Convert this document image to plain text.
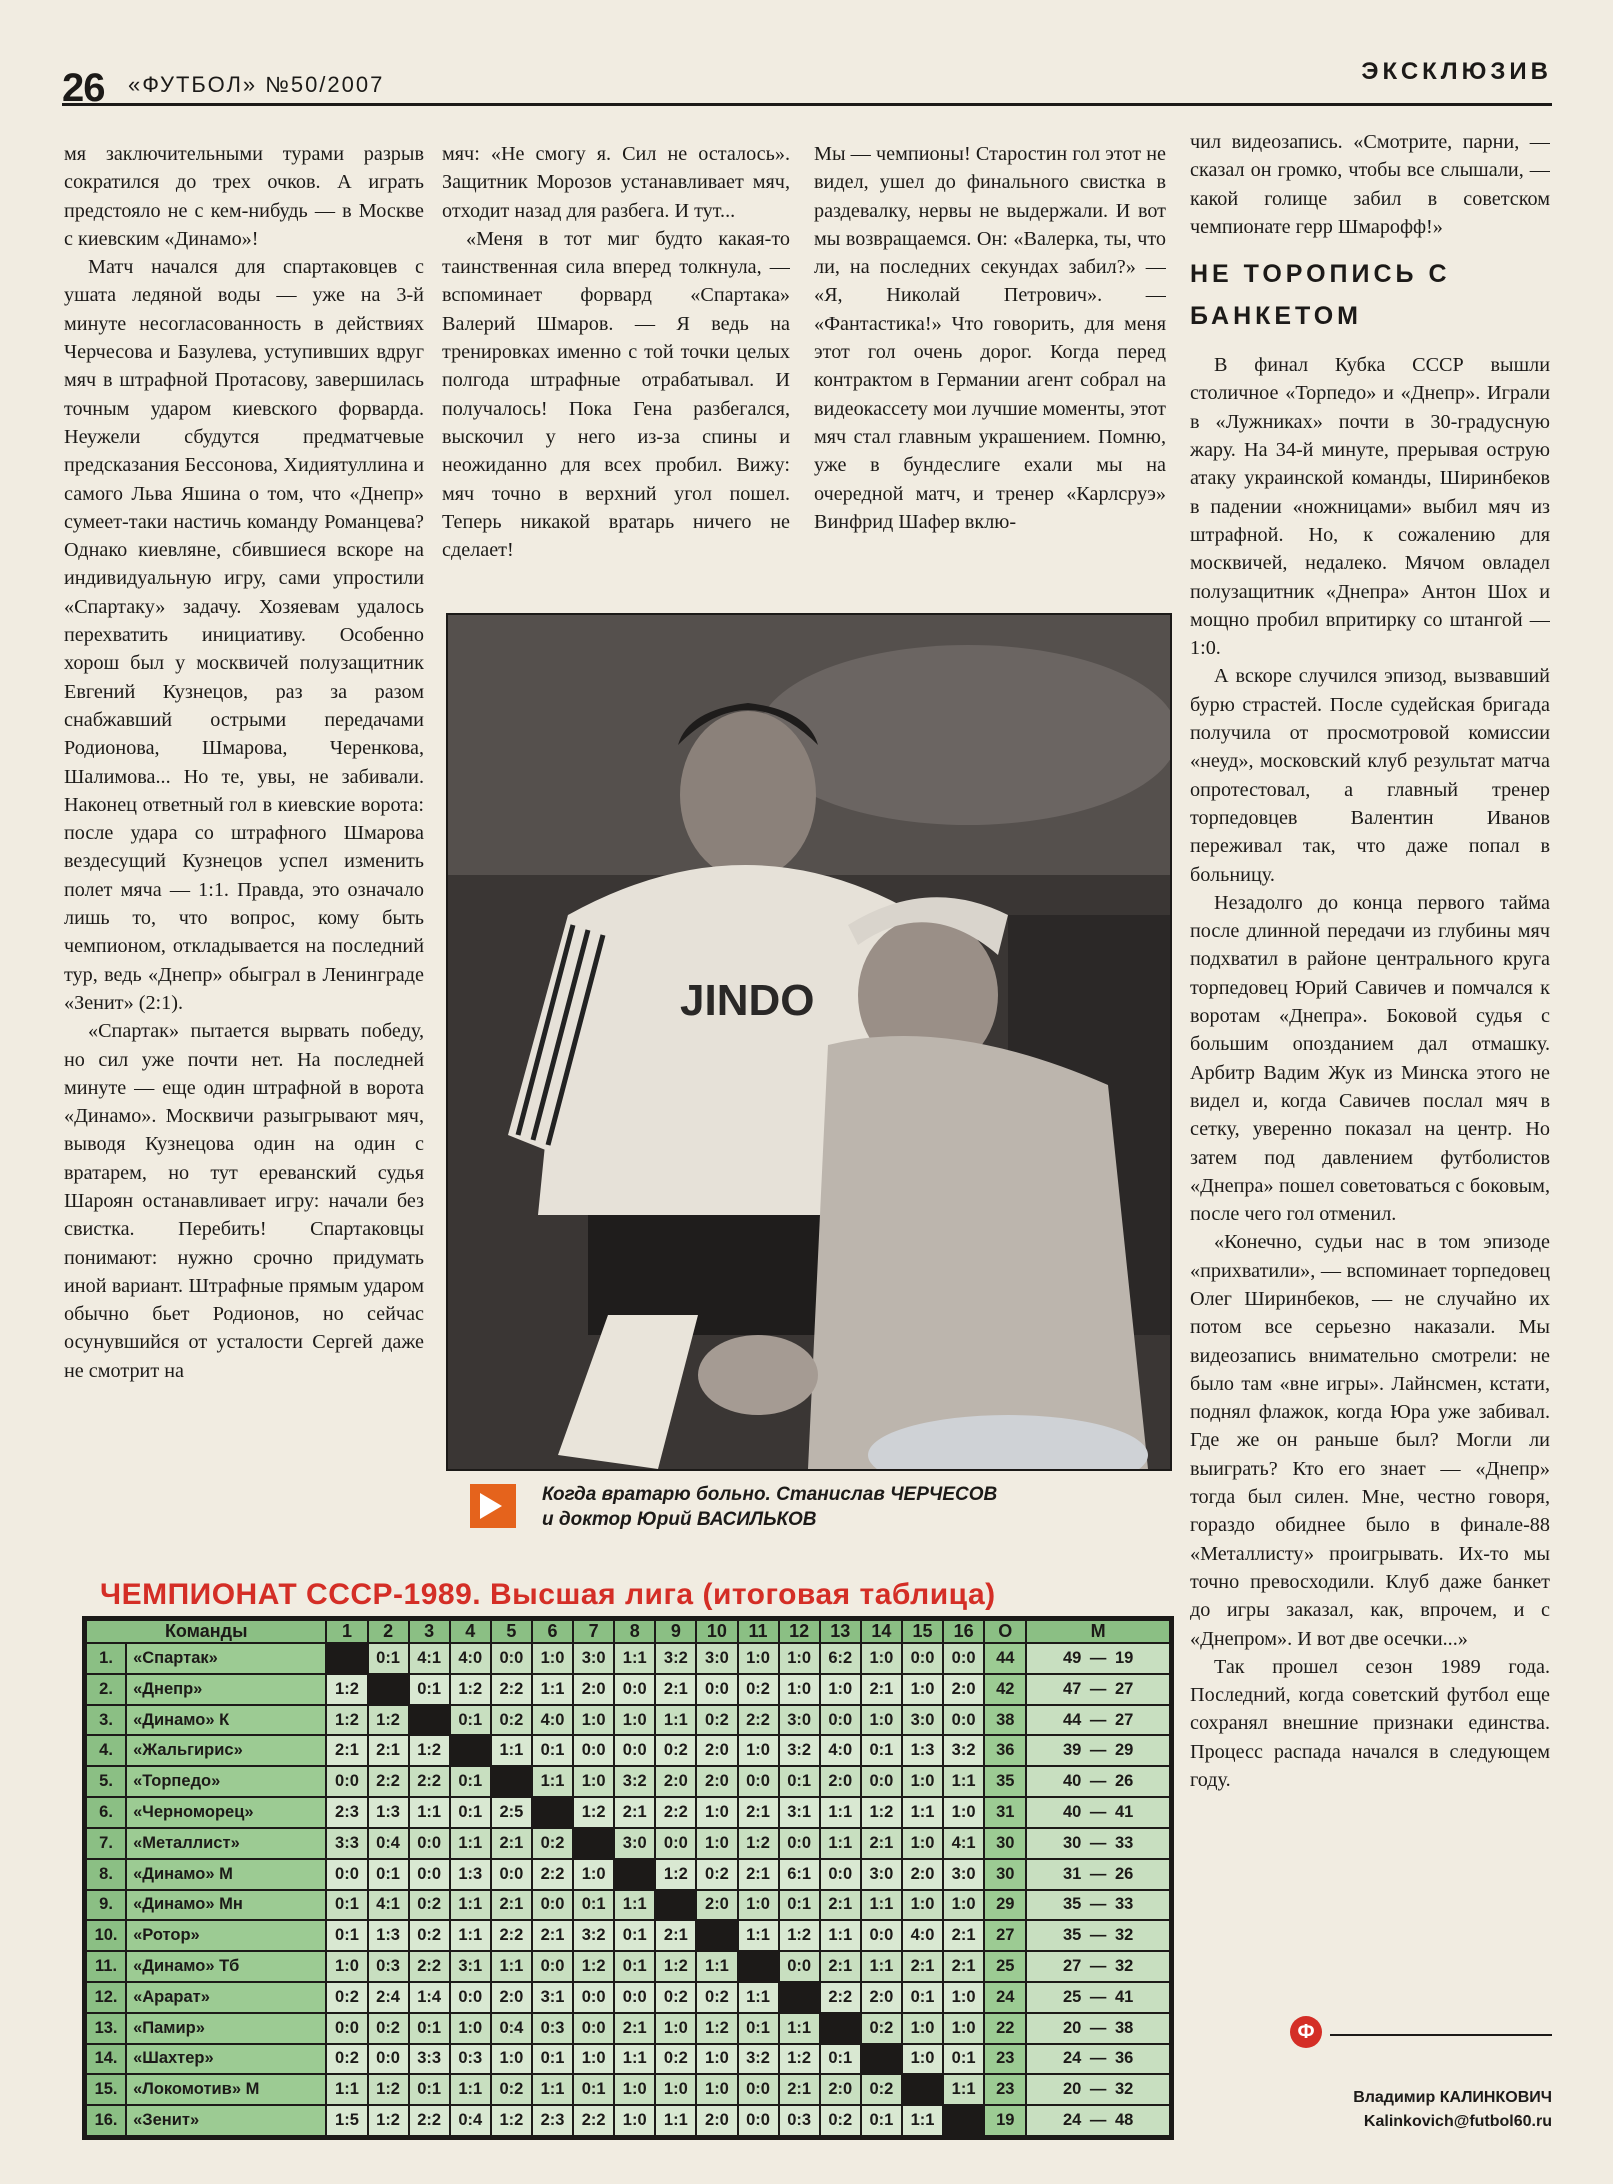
26 «ФУТБОЛ» №50/2007	ЭКСКЛЮЗИВ

мя заключительными турами разрыв сократился до трех очков. А играть предстояло не с кем-нибудь — в Москве с киевским «Динамо»!

Матч начался для спартаковцев с ушата ледяной воды — уже на 3-й минуте несогласованность в действиях Черчесова и Базулева, уступивших вдруг мяч в штрафной Протасову, завершилась точным ударом киевского форварда. Неужели сбудутся предматчевые предсказания Бессонова, Хидиятуллина и самого Льва Яшина о том, что «Днепр» сумеет-таки настичь команду Романцева? Однако киевляне, сбившиеся вскоре на индивидуальную игру, сами упростили «Спартаку» задачу. Хозяевам удалось перехватить инициативу. Особенно хорош был у москвичей полузащитник Евгений Кузнецов, раз за разом снабжавший острыми передачами Родионова, Шмарова, Черенкова, Шалимова... Но те, увы, не забивали. Наконец ответный гол в киевские ворота: после удара со штрафного Шмарова вездесущий Кузнецов успел изменить полет мяча — 1:1. Правда, это означало лишь то, что вопрос, кому быть чемпионом, откладывается на последний тур, ведь «Днепр» обыграл в Ленинграде «Зенит» (2:1).

«Спартак» пытается вырвать победу, но сил уже почти нет. На последней минуте — еще один штрафной в ворота «Динамо». Москвичи разыгрывают мяч, выводя Кузнецова один на один с вратарем, но тут ереванский судья Шароян останавливает игру: начали без свистка. Перебить! Спартаковцы понимают: нужно срочно придумать иной вариант. Штрафные прямым ударом обычно бьет Родионов, но сейчас осунувшийся от усталости Сергей даже не смотрит на

мяч: «Не смогу я. Сил не осталось». Защитник Морозов устанавливает мяч, отходит назад для разбега. И тут...

«Меня в тот миг будто какая-то таинственная сила вперед толкнула, — вспоминает форвард «Спартака» Валерий Шмаров. — Я ведь на тренировках именно с той точки целых полгода штрафные отрабатывал. И получалось! Пока Гена разбегался, выскочил у него из-за спины и неожиданно для всех пробил. Вижу: мяч точно в верхний угол пошел. Теперь никакой вратарь ничего не сделает!

Мы — чемпионы! Старостин гол этот не видел, ушел до финального свистка в раздевалку, нервы не выдержали. И вот мы возвращаемся. Он: «Валерка, ты, что ли, на последних секундах забил?» — «Я, Николай Петрович». — «Фантастика!» Что говорить, для меня этот гол очень дорог. Когда перед контрактом в Германии агент собрал на видеокассету мои лучшие моменты, этот мяч стал главным украшением. Помню, уже в бундеслиге ехали мы на очередной матч, и тренер «Карлсруэ» Винфрид Шафер вклю-

чил видеозапись. «Смотрите, парни, — сказал он громко, чтобы все слышали, — какой голище забил в советском чемпионате герр Шмарофф!»

НЕ ТОРОПИСЬ С БАНКЕТОМ

В финал Кубка СССР вышли столичное «Торпедо» и «Днепр». Играли в «Лужниках» почти в 30-градусную жару. На 34-й минуте, прерывая острую атаку украинской команды, Ширинбеков в падении «ножницами» выбил мяч из штрафной. Но, к сожалению для москвичей, недалеко. Мячом овладел полузащитник «Днепра» Антон Шох и мощно пробил впритирку со штангой — 1:0.

А вскоре случился эпизод, вызвавший бурю страстей. После судейская бригада получила от просмотровой комиссии «неуд», московский клуб результат матча опротестовал, а главный тренер торпедовцев Валентин Иванов переживал так, что даже попал в больницу.

Незадолго до конца первого тайма после длинной передачи из глубины мяч подхватил в районе центрального круга торпедовец Юрий Савичев и помчался к воротам «Днепра». Боковой судья с большим опозданием дал отмашку. Арбитр Вадим Жук из Минска этого не видел и, когда Савичев послал мяч в сетку, уверенно показал на центр. Но затем под давлением футболистов «Днепра» пошел советоваться с боковым, после чего гол отменил.

«Конечно, судьи нас в том эпизоде «прихватили», — вспоминает торпедовец Олег Ширинбеков, — не случайно их потом все серьезно наказали. Мы видеозапись внимательно смотрели: не было там «вне игры». Лайнсмен, кстати, поднял флажок, когда Юра уже забивал. Где же он раньше был? Могли ли выиграть? Кто его знает — «Днепр» тогда был силен. Мне, честно говоря, гораздо обиднее было в финале-88 «Металлисту» проигрывать. Их-то мы точно превосходили. Клуб даже банкет до игры заказал, как, впрочем, и с «Днепром». И вот две осечки...»

Так прошел сезон 1989 года. Последний, когда советский футбол еще сохранял внешние признаки единства. Процесс распада начался в следующем году.

JINDO
Когда вратарю больно. Станислав ЧЕРЧЕСОВ
и доктор Юрий ВАСИЛЬКОВ
ЧЕМПИОНАТ СССР-1989. Высшая лига (итоговая таблица)
Команды		1	2	3	4	5	6	7	8	9	10	11	12	13	14	15	16	О	М
1.	«Спартак»		0:1	4:1	4:0	0:0	1:0	3:0	1:1	3:2	3:0	1:0	1:0	6:2	1:0	0:0	0:0	44	49 — 19
2.	«Днепр»	1:2		0:1	1:2	2:2	1:1	2:0	0:0	2:1	0:0	0:2	1:0	1:0	2:1	1:0	2:0	42	47 — 27
3.	«Динамо» К	1:2	1:2		0:1	0:2	4:0	1:0	1:0	1:1	0:2	2:2	3:0	0:0	1:0	3:0	0:0	38	44 — 27
4.	«Жальгирис»	2:1	2:1	1:2		1:1	0:1	0:0	0:0	0:2	2:0	1:0	3:2	4:0	0:1	1:3	3:2	36	39 — 29
5.	«Торпедо»	0:0	2:2	2:2	0:1		1:1	1:0	3:2	2:0	2:0	0:0	0:1	2:0	0:0	1:0	1:1	35	40 — 26
6.	«Черноморец»	2:3	1:3	1:1	0:1	2:5		1:2	2:1	2:2	1:0	2:1	3:1	1:1	1:2	1:1	1:0	31	40 — 41
7.	«Металлист»	3:3	0:4	0:0	1:1	2:1	0:2		3:0	0:0	1:0	1:2	0:0	1:1	2:1	1:0	4:1	30	30 — 33
8.	«Динамо» М	0:0	0:1	0:0	1:3	0:0	2:2	1:0		1:2	0:2	2:1	6:1	0:0	3:0	2:0	3:0	30	31 — 26
9.	«Динамо» Мн	0:1	4:1	0:2	1:1	2:1	0:0	0:1	1:1		2:0	1:0	0:1	2:1	1:1	1:0	1:0	29	35 — 33
10.	«Ротор»	0:1	1:3	0:2	1:1	2:2	2:1	3:2	0:1	2:1		1:1	1:2	1:1	0:0	4:0	2:1	27	35 — 32
11.	«Динамо» Тб	1:0	0:3	2:2	3:1	1:1	0:0	1:2	0:1	1:2	1:1		0:0	2:1	1:1	2:1	2:1	25	27 — 32
12.	«Арарат»	0:2	2:4	1:4	0:0	2:0	3:1	0:0	0:0	0:2	0:2	1:1		2:2	2:0	0:1	1:0	24	25 — 41
13.	«Памир»	0:0	0:2	0:1	1:0	0:4	0:3	0:0	2:1	1:0	1:2	0:1	1:1		0:2	1:0	1:0	22	20 — 38
14.	«Шахтер»	0:2	0:0	3:3	0:3	1:0	0:1	1:0	1:1	0:2	1:0	3:2	1:2	0:1		1:0	0:1	23	24 — 36
15.	«Локомотив» М	1:1	1:2	0:1	1:1	0:2	1:1	0:1	1:0	1:0	1:0	0:0	2:1	2:0	0:2		1:1	23	20 — 32
16.	«Зенит»	1:5	1:2	2:2	0:4	1:2	2:3	2:2	1:0	1:1	2:0	0:0	0:3	0:2	0:1	1:1		19	24 — 48
Ф
Владимир КАЛИНКОВИЧ
Kalinkovich@futbol60.ru
